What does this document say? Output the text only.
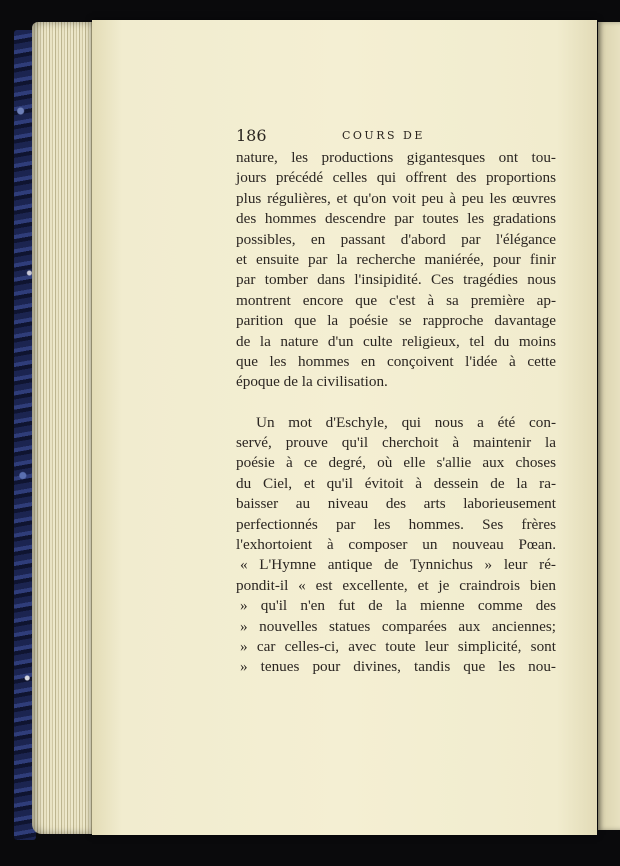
186	COURS DE
nature, les productions gigantesques ont tou-
jours précédé celles qui offrent des proportions
plus régulières, et qu'on voit peu à peu les œuvres
des hommes descendre par toutes les gradations
possibles, en passant d'abord par l'élégance
et ensuite par la recherche maniérée, pour finir
par tomber dans l'insipidité. Ces tragédies nous
montrent encore que c'est à sa première ap-
parition que la poésie se rapproche davantage
de la nature d'un culte religieux, tel du moins
que les hommes en conçoivent l'idée à cette
époque de la civilisation.
Un mot d'Eschyle, qui nous a été con-
servé, prouve qu'il cherchoit à maintenir la
poésie à ce degré, où elle s'allie aux choses
du Ciel, et qu'il évitoit à dessein de la ra-
baisser au niveau des arts laborieusement
perfectionnés par les hommes. Ses frères
l'exhortoient à composer un nouveau Pœan.
« L'Hymne antique de Tynnichus » leur ré-
pondit-il « est excellente, et je craindrois bien
» qu'il n'en fut de la mienne comme des
» nouvelles statues comparées aux anciennes;
» car celles-ci, avec toute leur simplicité, sont
» tenues pour divines, tandis que les nou-
